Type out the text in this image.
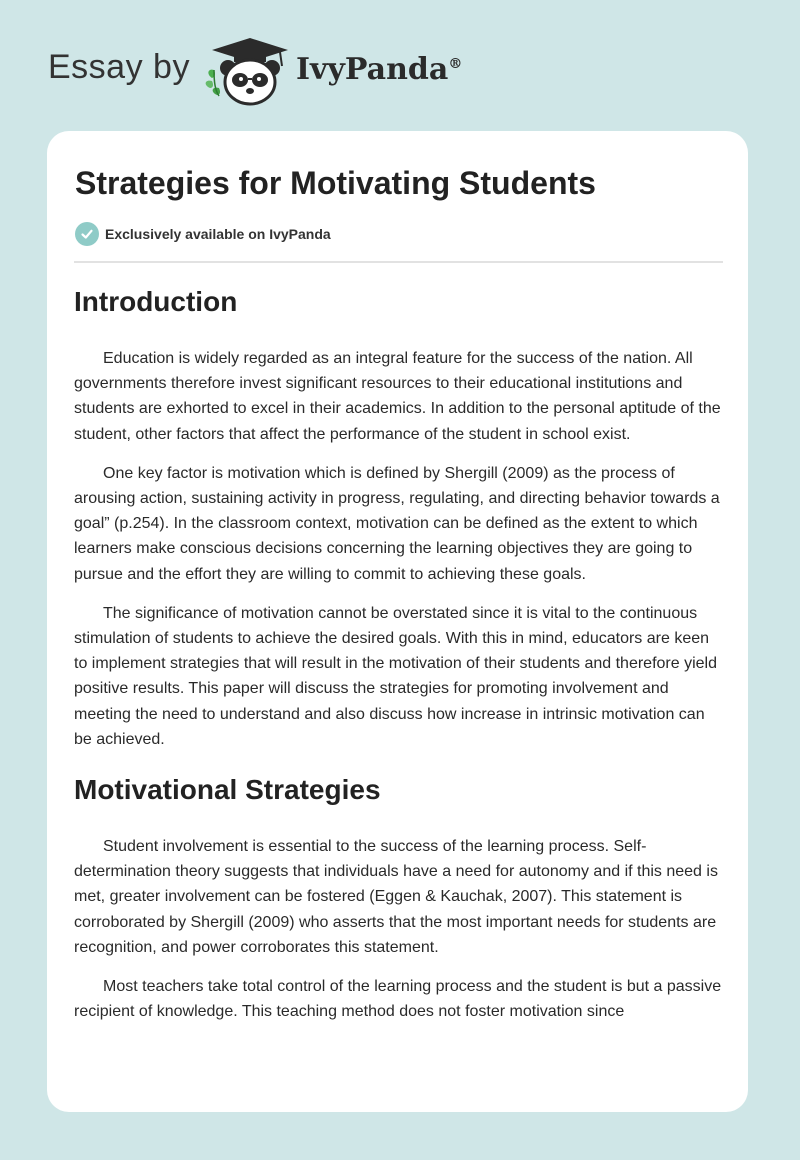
Essay by	IvyPanda®
Strategies for Motivating Students
Exclusively available on IvyPanda
Introduction

Education is widely regarded as an integral feature for the success of the nation. All governments therefore invest significant resources to their educational institutions and students are exhorted to excel in their academics. In addition to the personal aptitude of the student, other factors that affect the performance of the student in school exist.

One key factor is motivation which is defined by Shergill (2009) as the process of arousing action, sustaining activity in progress, regulating, and directing behavior towards a goal” (p.254). In the classroom context, motivation can be defined as the extent to which learners make conscious decisions concerning the learning objectives they are going to pursue and the effort they are willing to commit to achieving these goals.

The significance of motivation cannot be overstated since it is vital to the continuous stimulation of students to achieve the desired goals. With this in mind, educators are keen to implement strategies that will result in the motivation of their students and therefore yield positive results. This paper will discuss the strategies for promoting involvement and meeting the need to understand and also discuss how increase in intrinsic motivation can be achieved.

Motivational Strategies

Student involvement is essential to the success of the learning process. Self-determination theory suggests that individuals have a need for autonomy and if this need is met, greater involvement can be fostered (Eggen & Kauchak, 2007). This statement is corroborated by Shergill (2009) who asserts that the most important needs for students are recognition, and power corroborates this statement.

Most teachers take total control of the learning process and the student is but a passive recipient of knowledge. This teaching method does not foster motivation since
